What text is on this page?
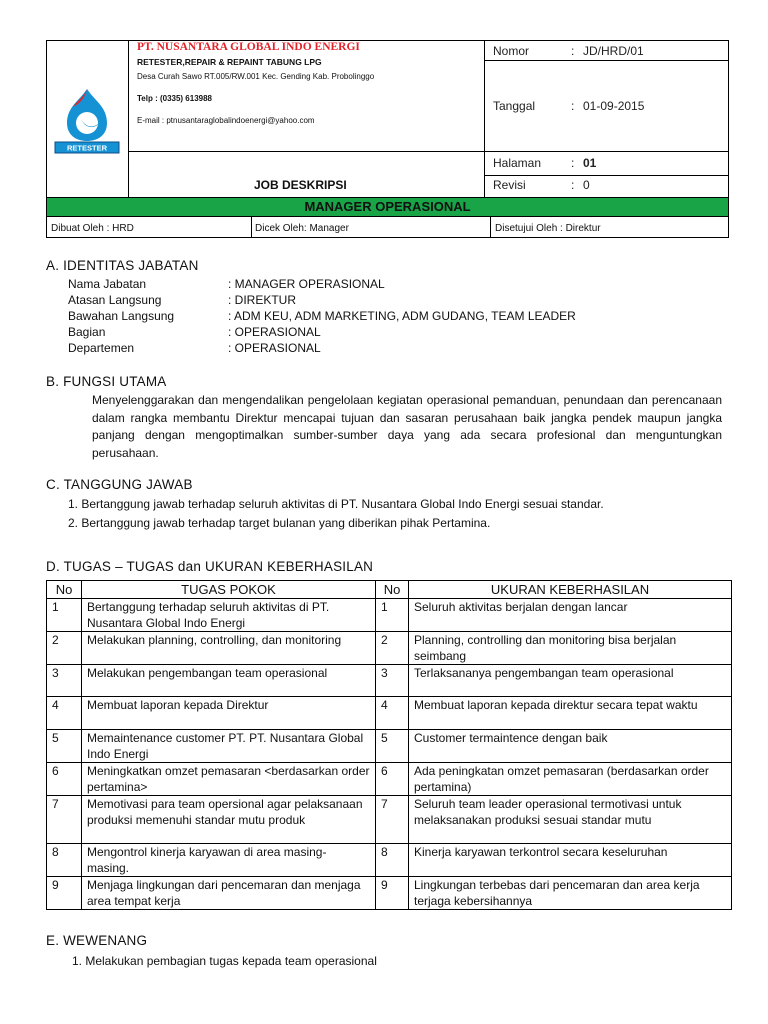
RETESTER
PT. NUSANTARA GLOBAL INDO ENERGI
RETESTER,REPAIR & REPAINT TABUNG LPG
Desa Curah Sawo RT.005/RW.001 Kec. Gending Kab. Probolinggo
Telp : (0335) 613988
E-mail : ptnusantaraglobalindoenergi@yahoo.com
JOB DESKRIPSI
Nomor	: JD/HRD/01
Tanggal	: 01-09-2015
Halaman : 01
Revisi	: 0
MANAGER OPERASIONAL
Dibuat Oleh : HRD	Dicek Oleh: Manager	Disetujui Oleh : Direktur
A. IDENTITAS JABATAN
Nama Jabatan	: MANAGER OPERASIONAL
Atasan Langsung	: DIREKTUR
Bawahan Langsung	: ADM KEU, ADM MARKETING, ADM GUDANG, TEAM LEADER
Bagian	: OPERASIONAL
Departemen	: OPERASIONAL
B. FUNGSI UTAMA
Menyelenggarakan dan mengendalikan pengelolaan kegiatan operasional pemanduan, penundaan dan perencanaan dalam rangka membantu Direktur mencapai tujuan dan sasaran perusahaan baik jangka pendek maupun jangka panjang dengan mengoptimalkan sumber-sumber daya yang ada secara profesional dan menguntungkan perusahaan.
C. TANGGUNG JAWAB
1. Bertanggung jawab terhadap seluruh aktivitas di PT. Nusantara Global Indo Energi sesuai standar.
2. Bertanggung jawab terhadap target bulanan yang diberikan pihak Pertamina.
D. TUGAS – TUGAS dan UKURAN KEBERHASILAN
No	TUGAS POKOK	No	UKURAN KEBERHASILAN
1	Bertanggung terhadap seluruh aktivitas di PT. Nusantara Global Indo Energi	1	Seluruh aktivitas berjalan dengan lancar
2	Melakukan planning, controlling, dan monitoring	2	Planning, controlling dan monitoring bisa berjalan seimbang
3	Melakukan pengembangan team operasional	3	Terlaksananya pengembangan team operasional
4	Membuat laporan kepada Direktur	4	Membuat laporan kepada direktur secara tepat waktu
5	Memaintenance customer PT. PT. Nusantara Global Indo Energi	5	Customer termaintence dengan baik
6	Meningkatkan omzet pemasaran <berdasarkan order pertamina>	6	Ada peningkatan omzet pemasaran (berdasarkan order pertamina)
7	Memotivasi para team opersional agar pelaksanaan produksi memenuhi standar mutu produk	7	Seluruh team leader operasional termotivasi untuk melaksanakan produksi sesuai standar mutu
8	Mengontrol kinerja karyawan di area masing- masing.	8	Kinerja karyawan terkontrol secara keseluruhan
9	Menjaga lingkungan dari pencemaran dan menjaga area tempat kerja	9	Lingkungan terbebas dari pencemaran dan area kerja terjaga kebersihannya
E. WEWENANG
1. Melakukan pembagian tugas kepada team operasional
